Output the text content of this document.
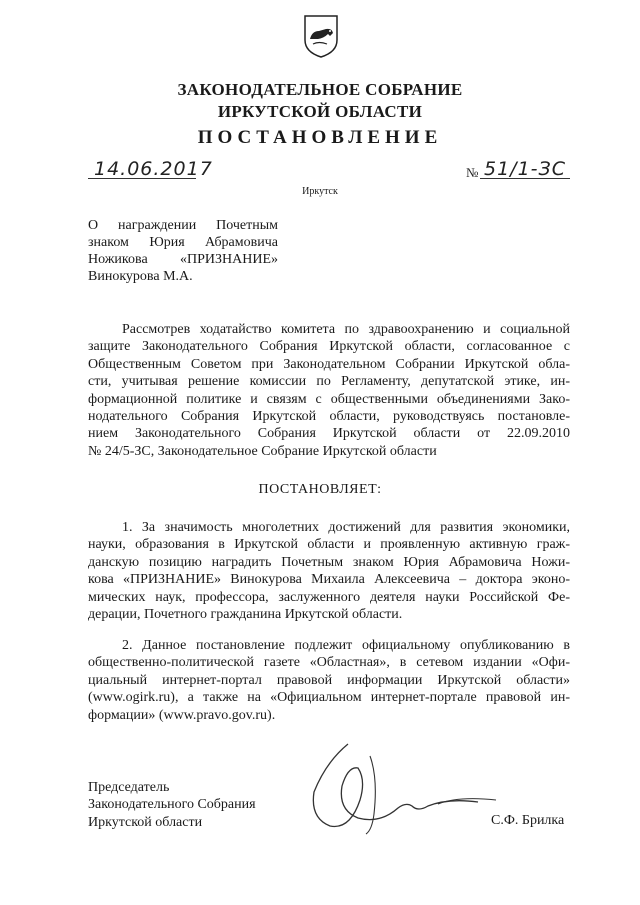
ЗАКОНОДАТЕЛЬНОЕ СОБРАНИЕ
ИРКУТСКОЙ ОБЛАСТИ
ПОСТАНОВЛЕНИЕ
14.06.2017	№ 51/1-ЗС
Иркутск
О награждении Почетным
знаком Юрия Абрамовича
Ножикова «ПРИЗНАНИЕ»
Винокурова М.А.
Рассмотрев ходатайство комитета по здравоохранению и социальной
защите Законодательного Собрания Иркутской области, согласованное с
Общественным Советом при Законодательном Собрании Иркутской обла-
сти, учитывая решение комиссии по Регламенту, депутатской этике, ин-
формационной политике и связям с общественными объединениями Зако-
нодательного Собрания Иркутской области, руководствуясь постановле-
нием Законодательного Собрания Иркутской области от 22.09.2010
№ 24/5-ЗС, Законодательное Собрание Иркутской области
ПОСТАНОВЛЯЕТ:
1. За значимость многолетних достижений для развития экономики,
науки, образования в Иркутской области и проявленную активную граж-
данскую позицию наградить Почетным знаком Юрия Абрамовича Ножи-
кова «ПРИЗНАНИЕ» Винокурова Михаила Алексеевича – доктора эконо-
мических наук, профессора, заслуженного деятеля науки Российской Фе-
дерации, Почетного гражданина Иркутской области.
2. Данное постановление подлежит официальному опубликованию в
общественно-политической газете «Областная», в сетевом издании «Офи-
циальный интернет-портал правовой информации Иркутской области»
(www.ogirk.ru), а также на «Официальном интернет-портале правовой ин-
формации» (www.pravo.gov.ru).
Председатель
Законодательного Собрания
Иркутской области	С.Ф. Брилка
